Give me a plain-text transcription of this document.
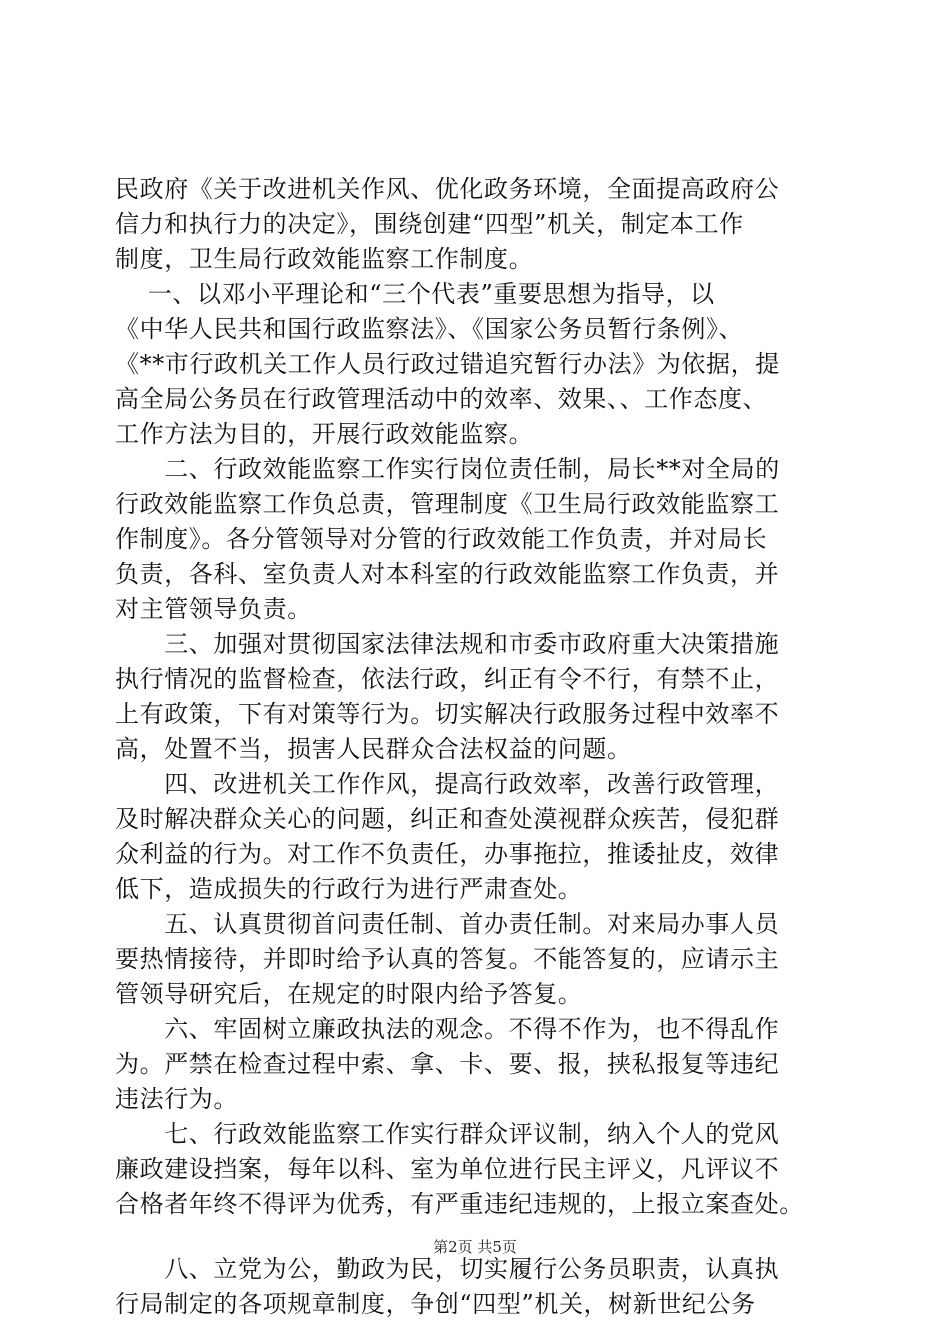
民政府《关于改进机关作风、优化政务环境，全面提高政府公
信力和执行力的决定》，围绕创建“四型”机关，制定本工作
制度，卫生局行政效能监察工作制度。
　 一、以邓小平理论和“三个代表”重要思想为指导，以
《中华人民共和国行政监察法》、《国家公务员暂行条例》、
《**市行政机关工作人员行政过错追究暂行办法》为依据，提
高全局公务员在行政管理活动中的效率、效果、、工作态度、
工作方法为目的，开展行政效能监察。
　　二、行政效能监察工作实行岗位责任制，局长**对全局的
行政效能监察工作负总责，管理制度《卫生局行政效能监察工
作制度》。各分管领导对分管的行政效能工作负责，并对局长
负责，各科、室负责人对本科室的行政效能监察工作负责，并
对主管领导负责。
　　三、加强对贯彻国家法律法规和市委市政府重大决策措施
执行情况的监督检查，依法行政，纠正有令不行，有禁不止，
上有政策，下有对策等行为。切实解决行政服务过程中效率不
高，处置不当，损害人民群众合法权益的问题。
　　四、改进机关工作作风，提高行政效率，改善行政管理，
及时解决群众关心的问题，纠正和查处漠视群众疾苦，侵犯群
众利益的行为。对工作不负责任，办事拖拉，推诿扯皮，效律
低下，造成损失的行政行为进行严肃查处。
　　五、认真贯彻首问责任制、首办责任制。对来局办事人员
要热情接待，并即时给予认真的答复。不能答复的，应请示主
管领导研究后，在规定的时限内给予答复。
　　六、牢固树立廉政执法的观念。不得不作为，也不得乱作
为。严禁在检查过程中索、拿、卡、要、报，挟私报复等违纪
违法行为。
　　七、行政效能监察工作实行群众评议制，纳入个人的党风
廉政建设挡案，每年以科、室为单位进行民主评义，凡评议不
合格者年终不得评为优秀，有严重违纪违规的，上报立案查处。
　　八、立党为公，勤政为民，切实履行公务员职责，认真执
行局制定的各项规章制度，争创“四型”机关，树新世纪公务
第2页 共5页
